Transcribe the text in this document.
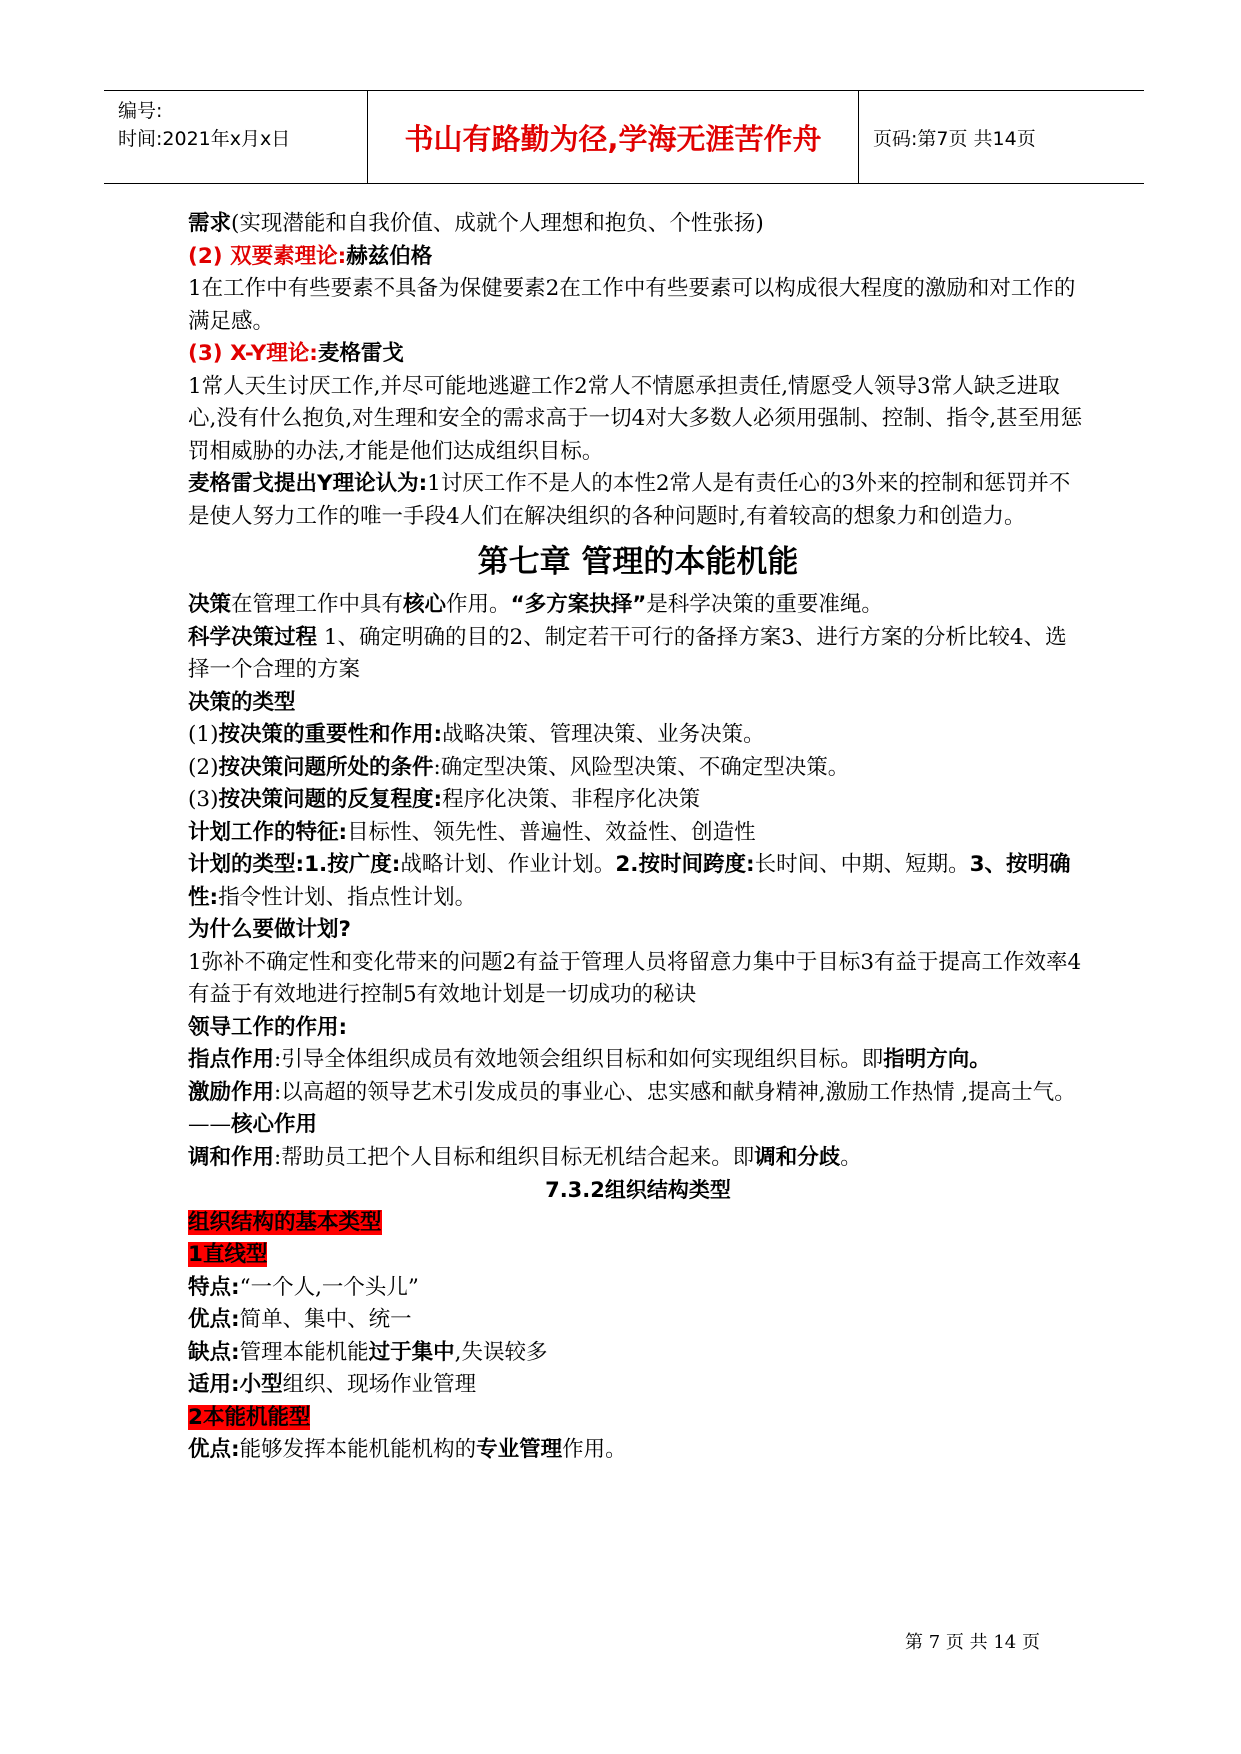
编号:
时间:2021年x月x日	书山有路勤为径,学海无涯苦作舟	页码:第7页 共14页

需求(实现潜能和自我价值、成就个人理想和抱负、个性张扬)

(2) 双要素理论:赫兹伯格

1在工作中有些要素不具备为保健要素2在工作中有些要素可以构成很大程度的激励和对工作的满足感。

(3) X-Y理论:麦格雷戈

1常人天生讨厌工作,并尽可能地逃避工作2常人不情愿承担责任,情愿受人领导3常人缺乏进取心,没有什么抱负,对生理和安全的需求高于一切4对大多数人必须用强制、控制、指令,甚至用惩罚相威胁的办法,才能是他们达成组织目标。

麦格雷戈提出Y理论认为:1讨厌工作不是人的本性2常人是有责任心的3外来的控制和惩罚并不是使人努力工作的唯一手段4人们在解决组织的各种问题时,有着较高的想象力和创造力。

第七章 管理的本能机能

决策在管理工作中具有核心作用。“多方案抉择”是科学决策的重要准绳。

科学决策过程 1、确定明确的目的2、制定若干可行的备择方案3、进行方案的分析比较4、选择一个合理的方案

决策的类型

(1)按决策的重要性和作用:战略决策、管理决策、业务决策。

(2)按决策问题所处的条件:确定型决策、风险型决策、不确定型决策。

(3)按决策问题的反复程度:程序化决策、非程序化决策

计划工作的特征:目标性、领先性、普遍性、效益性、创造性

计划的类型:1.按广度:战略计划、作业计划。2.按时间跨度:长时间、中期、短期。3、按明确性:指令性计划、指点性计划。

为什么要做计划?

1弥补不确定性和变化带来的问题2有益于管理人员将留意力集中于目标3有益于提高工作效率4有益于有效地进行控制5有效地计划是一切成功的秘诀

领导工作的作用:

指点作用:引导全体组织成员有效地领会组织目标和如何实现组织目标。即指明方向。

激励作用:以高超的领导艺术引发成员的事业心、忠实感和献身精神,激励工作热情 ,提高士气。——核心作用

调和作用:帮助员工把个人目标和组织目标无机结合起来。即调和分歧。

7.3.2组织结构类型

组织结构的基本类型

1直线型

特点:“一个人,一个头儿”

优点:简单、集中、统一

缺点:管理本能机能过于集中,失误较多

适用:小型组织、现场作业管理

2本能机能型

优点:能够发挥本能机能机构的专业管理作用。

第 7 页 共 14 页
